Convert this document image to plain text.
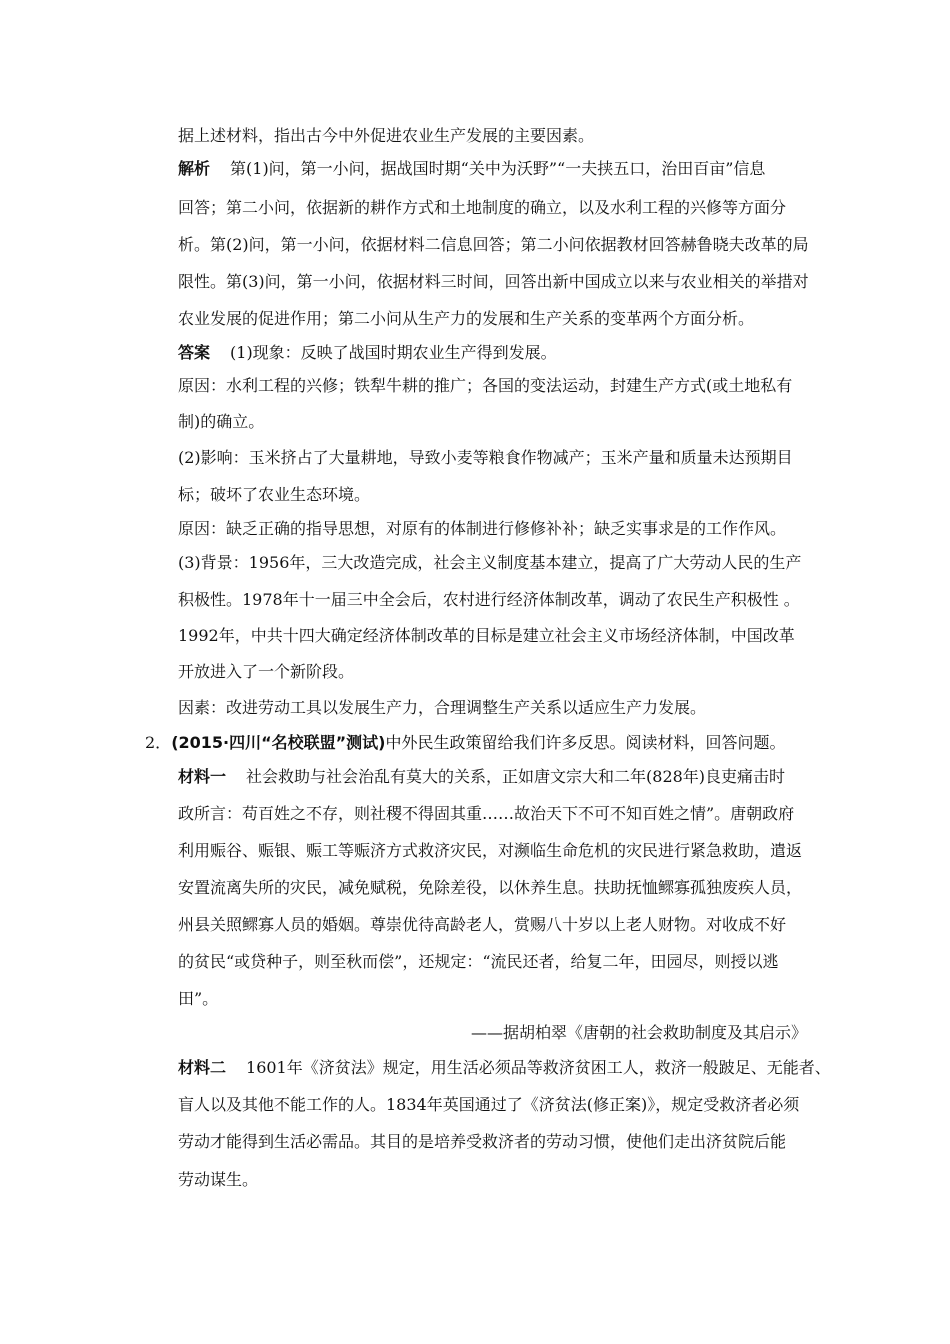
据上述材料，指出古今中外促进农业生产发展的主要因素。
解析 第(1)问，第一小问，据战国时期“关中为沃野”“一夫挟五口，治田百亩”信息
回答；第二小问，依据新的耕作方式和土地制度的确立，以及水利工程的兴修等方面分
析。第(2)问，第一小问，依据材料二信息回答；第二小问依据教材回答赫鲁晓夫改革的局
限性。第(3)问，第一小问，依据材料三时间，回答出新中国成立以来与农业相关的举措对
农业发展的促进作用；第二小问从生产力的发展和生产关系的变革两个方面分析。
答案 (1)现象：反映了战国时期农业生产得到发展。
原因：水利工程的兴修；铁犁牛耕的推广；各国的变法运动，封建生产方式(或土地私有
制)的确立。
(2)影响：玉米挤占了大量耕地，导致小麦等粮食作物减产；玉米产量和质量未达预期目
标；破坏了农业生态环境。
原因：缺乏正确的指导思想，对原有的体制进行修修补补；缺乏实事求是的工作作风。
(3)背景：1956年，三大改造完成，社会主义制度基本建立，提高了广大劳动人民的生产
积极性。1978年十一届三中全会后，农村进行经济体制改革，调动了农民生产积极性 。
1992年，中共十四大确定经济体制改革的目标是建立社会主义市场经济体制，中国改革
开放进入了一个新阶段。
因素：改进劳动工具以发展生产力，合理调整生产关系以适应生产力发展。
2．(2015·四川“名校联盟”测试)中外民生政策留给我们许多反思。阅读材料，回答问题。
材料一 社会救助与社会治乱有莫大的关系，正如唐文宗大和二年(828年)良吏痛击时
政所言：苟百姓之不存，则社稷不得固其重……故治天下不可不知百姓之情”。唐朝政府
利用赈谷、赈银、赈工等赈济方式救济灾民，对濒临生命危机的灾民进行紧急救助，遣返
安置流离失所的灾民，减免赋税，免除差役，以休养生息。扶助抚恤鳏寡孤独废疾人员，
州县关照鳏寡人员的婚姻。尊崇优待高龄老人，赏赐八十岁以上老人财物。对收成不好
的贫民“或贷种子，则至秋而偿”，还规定：“流民还者，给复二年，田园尽，则授以逃
田”。
——据胡柏翠《唐朝的社会救助制度及其启示》
材料二 1601年《济贫法》规定，用生活必须品等救济贫困工人，救济一般跛足、无能者、
盲人以及其他不能工作的人。1834年英国通过了《济贫法(修正案)》，规定受救济者必须
劳动才能得到生活必需品。其目的是培养受救济者的劳动习惯，使他们走出济贫院后能
劳动谋生。
